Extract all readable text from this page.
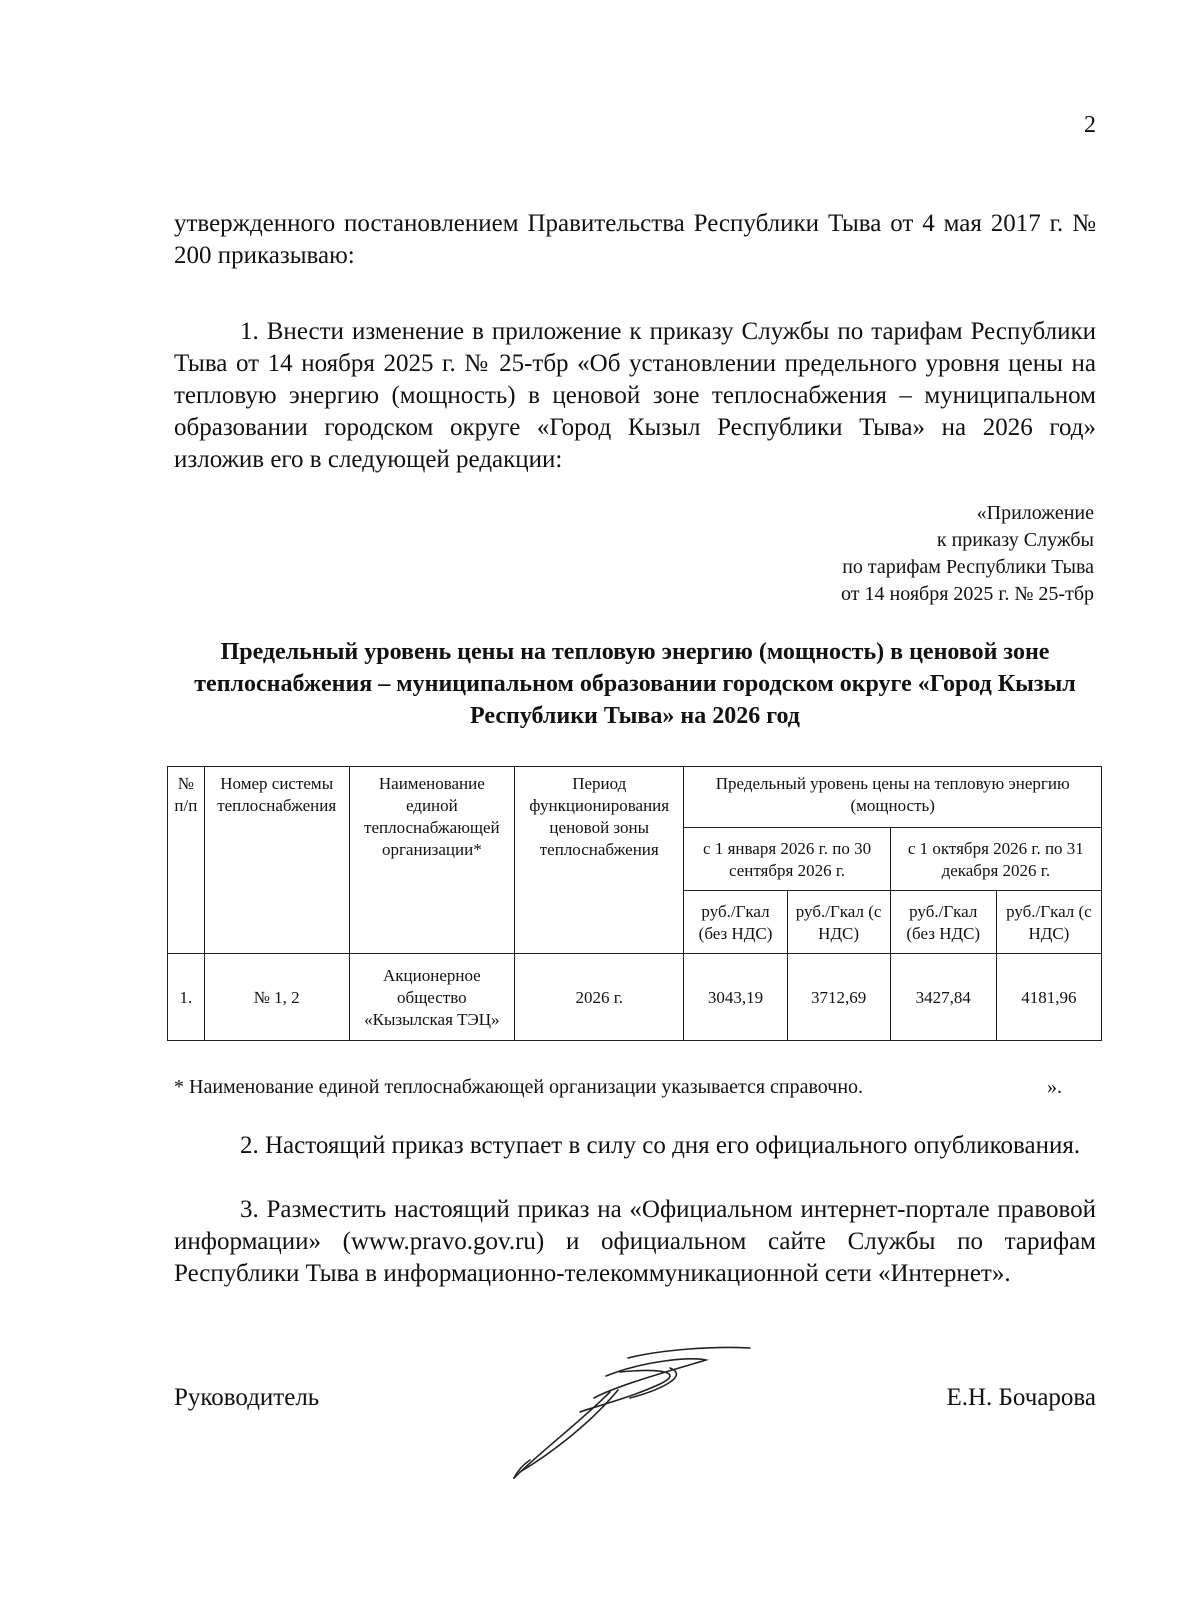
2
утвержденного постановлением Правительства Республики Тыва от 4 мая 2017 г. № 200 приказываю:
1. Внести изменение в приложение к приказу Службы по тарифам Республики Тыва от 14 ноября 2025 г. № 25-тбр «Об установлении предельного уровня цены на тепловую энергию (мощность) в ценовой зоне теплоснабжения – муниципальном образовании городском округе «Город Кызыл Республики Тыва» на 2026 год» изложив его в следующей редакции:
«Приложение
к приказу Службы
по тарифам Республики Тыва
от 14 ноября 2025 г. № 25-тбр
Предельный уровень цены на тепловую энергию (мощность) в ценовой зоне теплоснабжения – муниципальном образовании городском округе «Город Кызыл Республики Тыва» на 2026 год
№ п/п	Номер системы теплоснабжения	Наименование единой теплоснабжающей организации*	Период функционирования ценовой зоны теплоснабжения	Предельный уровень цены на тепловую энергию (мощность)			
				с 1 января 2026 г. по 30 сентября 2026 г.		с 1 октября 2026 г. по 31 декабря 2026 г.	
				руб./Гкал (без НДС)	руб./Гкал (с НДС)	руб./Гкал (без НДС)	руб./Гкал (с НДС)
1.	№ 1, 2	Акционерное общество «Кызылская ТЭЦ»	2026 г.	3043,19	3712,69	3427,84	4181,96
* Наименование единой теплоснабжающей организации указывается справочно.	».
2. Настоящий приказ вступает в силу со дня его официального опубликования.
3. Разместить настоящий приказ на «Официальном интернет-портале правовой информации» (www.pravo.gov.ru) и официальном сайте Службы по тарифам Республики Тыва в информационно-телекоммуникационной сети «Интернет».
Руководитель	Е.Н. Бочарова
